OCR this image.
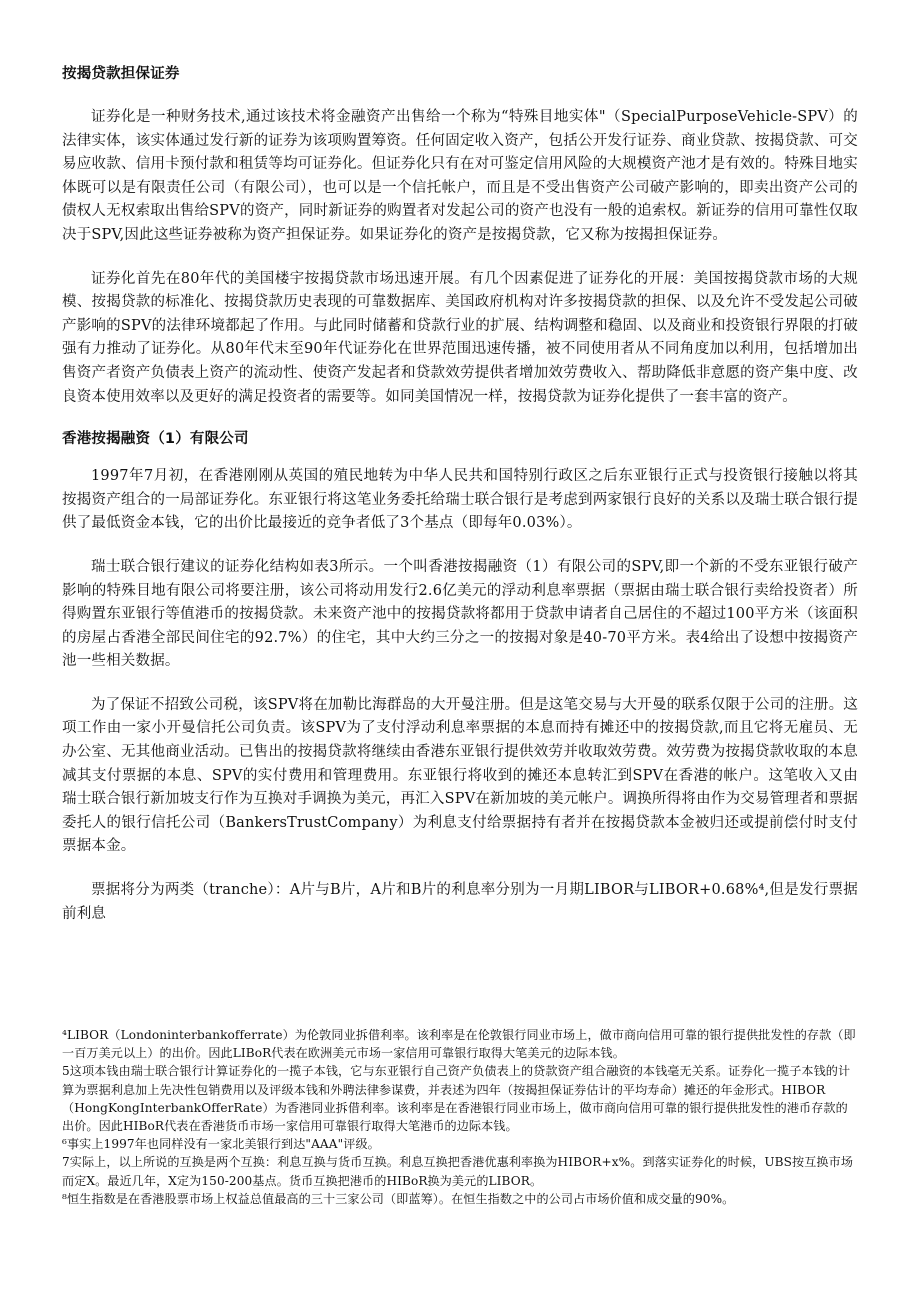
按揭贷款担保证券

证券化是一种财务技术,通过该技术将金融资产出售给一个称为“特殊目地实体"（SpecialPurposeVehicle-SPV）的法律实体，该实体通过发行新的证券为该项购置筹资。任何固定收入资产，包括公开发行证券、商业贷款、按揭贷款、可交易应收款、信用卡预付款和租赁等均可证券化。但证券化只有在对可鉴定信用风险的大规模资产池才是有效的。特殊目地实体既可以是有限责任公司（有限公司），也可以是一个信托帐户，而且是不受出售资产公司破产影响的，即卖出资产公司的债权人无权索取出售给SPV的资产，同时新证券的购置者对发起公司的资产也没有一般的追索权。新证券的信用可靠性仅取决于SPV,因此这些证券被称为资产担保证券。如果证券化的资产是按揭贷款，它又称为按揭担保证券。

证券化首先在80年代的美国楼宇按揭贷款市场迅速开展。有几个因素促进了证券化的开展：美国按揭贷款市场的大规模、按揭贷款的标准化、按揭贷款历史表现的可靠数据库、美国政府机构对许多按揭贷款的担保、以及允许不受发起公司破产影响的SPV的法律环境都起了作用。与此同时储蓄和贷款行业的扩展、结构调整和稳固、以及商业和投资银行界限的打破强有力推动了证券化。从80年代末至90年代证券化在世界范围迅速传播，被不同使用者从不同角度加以利用，包括增加出售资产者资产负债表上资产的流动性、使资产发起者和贷款效劳提供者增加效劳费收入、帮助降低非意愿的资产集中度、改良资本使用效率以及更好的满足投资者的需要等。如同美国情况一样，按揭贷款为证券化提供了一套丰富的资产。

香港按揭融资（1）有限公司

1997年7月初，在香港刚刚从英国的殖民地转为中华人民共和国特别行政区之后东亚银行正式与投资银行接触以将其按揭资产组合的一局部证券化。东亚银行将这笔业务委托给瑞士联合银行是考虑到两家银行良好的关系以及瑞士联合银行提供了最低资金本钱，它的出价比最接近的竞争者低了3个基点（即每年0.03%）。

瑞士联合银行建议的证券化结构如表3所示。一个叫香港按揭融资（1）有限公司的SPV,即一个新的不受东亚银行破产影响的特殊目地有限公司将要注册，该公司将动用发行2.6亿美元的浮动利息率票据（票据由瑞士联合银行卖给投资者）所得购置东亚银行等值港币的按揭贷款。未来资产池中的按揭贷款将都用于贷款申请者自己居住的不超过100平方米（该面积的房屋占香港全部民间住宅的92.7%）的住宅，其中大约三分之一的按揭对象是40-70平方米。表4给出了设想中按揭资产池一些相关数据。

为了保证不招致公司税，该SPV将在加勒比海群岛的大开曼注册。但是这笔交易与大开曼的联系仅限于公司的注册。这项工作由一家小开曼信托公司负责。该SPV为了支付浮动利息率票据的本息而持有摊还中的按揭贷款,而且它将无雇员、无办公室、无其他商业活动。已售出的按揭贷款将继续由香港东亚银行提供效劳并收取效劳费。效劳费为按揭贷款收取的本息减其支付票据的本息、SPV的实付费用和管理费用。东亚银行将收到的摊还本息转汇到SPV在香港的帐户。这笔收入又由瑞士联合银行新加坡支行作为互换对手调换为美元，再汇入SPV在新加坡的美元帐户。调换所得将由作为交易管理者和票据委托人的银行信托公司（BankersTrustCompany）为利息支付给票据持有者并在按揭贷款本金被归还或提前偿付时支付票据本金。

票据将分为两类（tranche）：A片与B片，A片和B片的利息率分别为一月期LIBOR与LIBOR+0.68%⁴,但是发行票据前利息

⁴LIBOR（Londoninterbankofferrate）为伦敦同业拆借利率。该利率是在伦敦银行同业市场上，做市商向信用可靠的银行提供批发性的存款（即一百万美元以上）的出价。因此LIBoR代表在欧洲美元市场一家信用可靠银行取得大笔美元的边际本钱。

5这项本钱由瑞士联合银行计算证券化的一揽子本钱，它与东亚银行自己资产负债表上的贷款资产组合融资的本钱毫无关系。证券化一揽子本钱的计算为票据利息加上先决性包销费用以及评级本钱和外聘法律参谋费，并表述为四年（按揭担保证券估计的平均寿命）摊还的年金形式。HIBOR（HongKongInterbankOfferRate）为香港同业拆借利率。该利率是在香港银行同业市场上，做市商向信用可靠的银行提供批发性的港币存款的出价。因此HIBoR代表在香港货币市场一家信用可靠银行取得大笔港币的边际本钱。

⁶事实上1997年也同样没有一家北美银行到达"AAA"评级。

7实际上，以上所说的互换是两个互换：利息互换与货币互换。利息互换把香港优惠利率换为HIBOR+x%。到落实证券化的时候，UBS按互换市场而定X。最近几年，X定为150-200基点。货币互换把港币的HIBoR换为美元的LIBOR。

⁸恒生指数是在香港股票市场上权益总值最高的三十三家公司（即蓝筹）。在恒生指数之中的公司占市场价值和成交量的90%。
